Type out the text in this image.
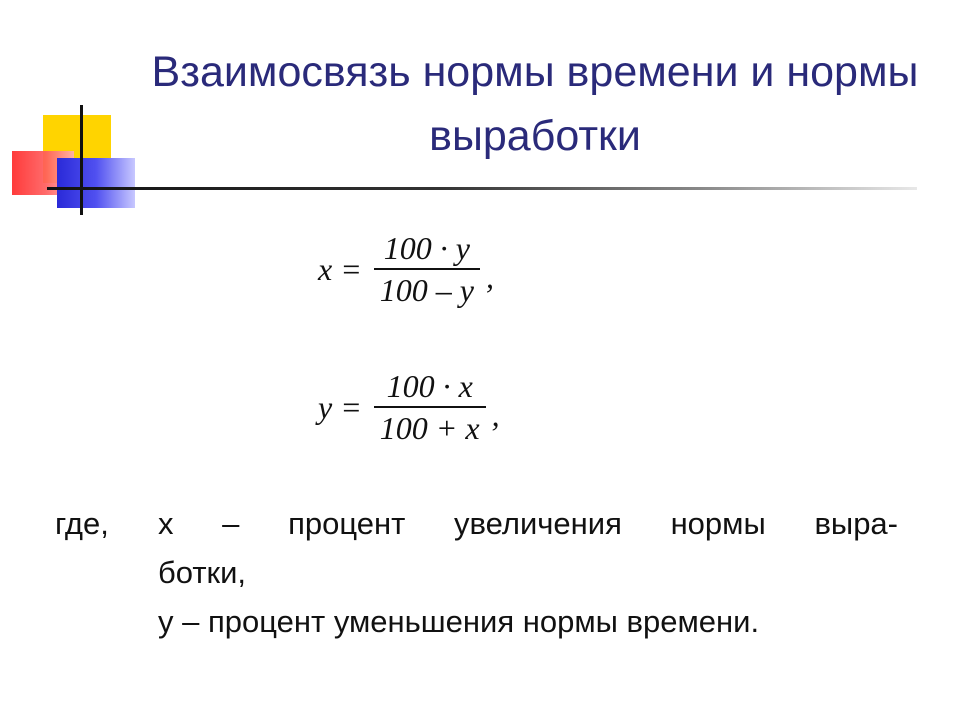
Взаимосвязь нормы времени и нормы выработки
$x = \frac{100 \cdot y}{100 - y}$ ,
$y = \frac{100 \cdot x}{100 + x}$ ,

где, х – процент увеличения нормы выра-

ботки,

у – процент уменьшения нормы времени.
